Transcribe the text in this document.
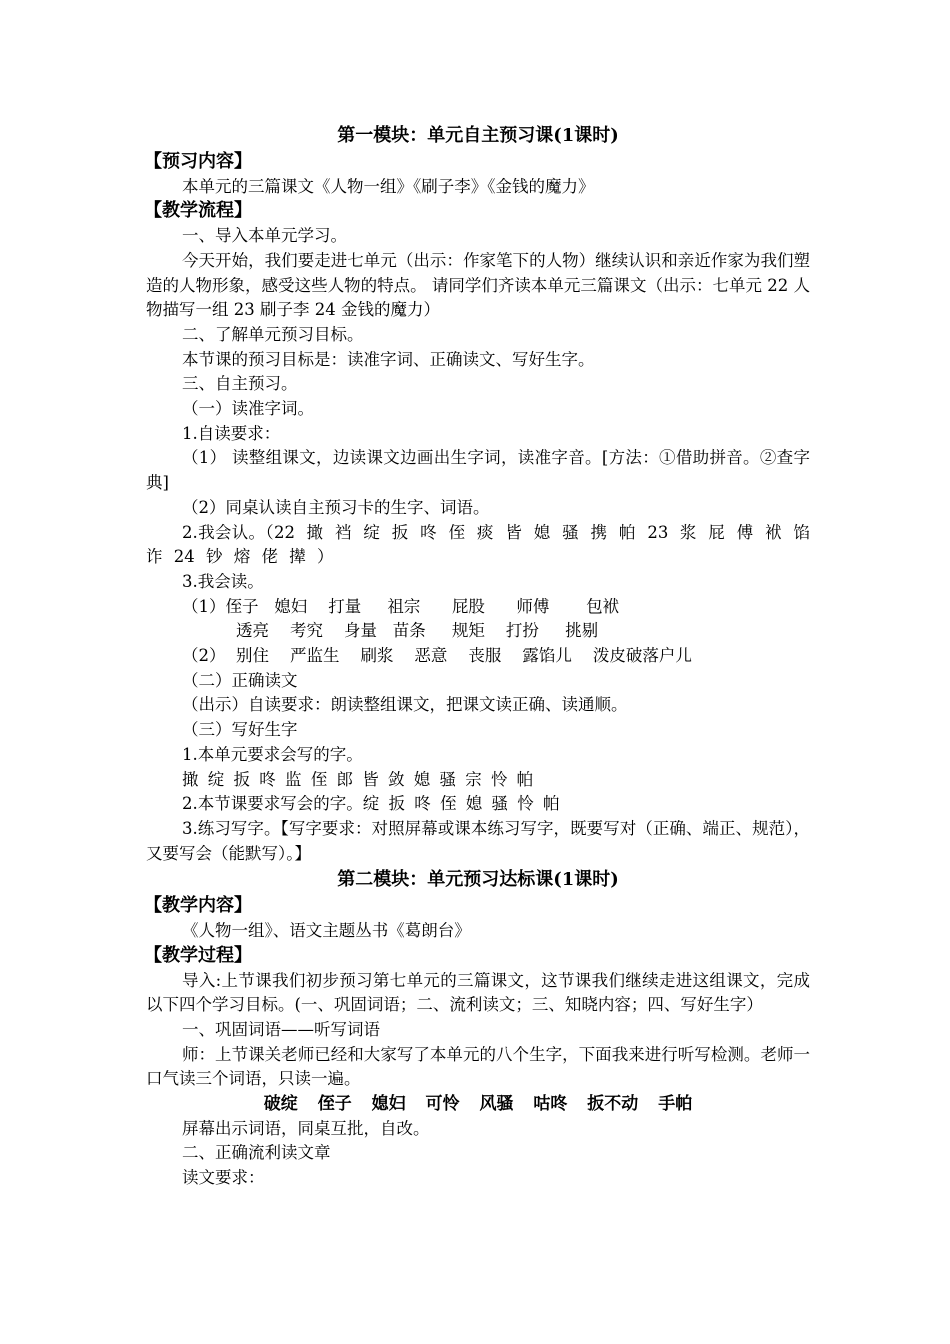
第一模块：单元自主预习课(1课时)
【预习内容】
本单元的三篇课文《人物一组》《刷子李》《金钱的魔力》
【教学流程】
一、导入本单元学习。
今天开始，我们要走进七单元（出示：作家笔下的人物）继续认识和亲近作家为我们塑造的人物形象，感受这些人物的特点。 请同学们齐读本单元三篇课文（出示：七单元 22 人物描写一组 23 刷子李 24 金钱的魔力）
二、了解单元预习目标。
本节课的预习目标是：读准字词、正确读文、写好生字。
三、自主预习。
（一）读准字词。
1.自读要求：
（1） 读整组课文，边读课文边画出生字词，读准字音。[方法：①借助拼音。②查字典]
（2）同桌认读自主预习卡的生字、词语。
2.我会认。（22 撖 裆 绽 扳 咚 侄 痰 皆 媳 骚 携 帕 23 浆 屁 傅 袱 馅 诈 24 钞 熔 佬 撵 ）
3.我会读。
（1）侄子   媳妇    打量     祖宗      屁股      师傅       包袱
透亮    考究    身量   苗条     规矩    打扮     挑剔
（2）  别住    严监生    刷浆    恶意    丧服    露馅儿    泼皮破落户儿
（二）正确读文
（出示）自读要求：朗读整组课文，把课文读正确、读通顺。
（三）写好生字
1.本单元要求会写的字。
撖 绽 扳 咚 监 侄 郎 皆 敛 媳 骚 宗 怜 帕
2.本节课要求写会的字。绽 扳 咚 侄 媳 骚 怜 帕
3.练习写字。【写字要求：对照屏幕或课本练习写字，既要写对（正确、端正、规范），又要写会（能默写）。】
第二模块：单元预习达标课(1课时)
【教学内容】
《人物一组》、语文主题丛书《葛朗台》
【教学过程】
导入:上节课我们初步预习第七单元的三篇课文，这节课我们继续走进这组课文，完成以下四个学习目标。(一、巩固词语；二、流利读文；三、知晓内容；四、写好生字）
一、巩固词语——听写词语
师：上节课关老师已经和大家写了本单元的八个生字，下面我来进行听写检测。老师一口气读三个词语，只读一遍。
破绽 侄子 媳妇 可怜 风骚 咕咚 扳不动 手帕
屏幕出示词语，同桌互批，自改。
二、正确流利读文章
读文要求：
